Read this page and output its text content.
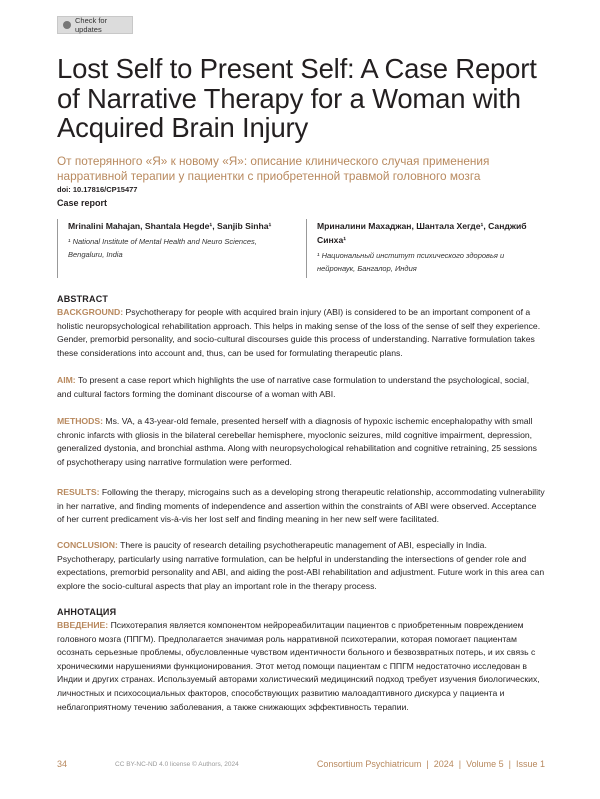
Check for updates
Lost Self to Present Self: A Case Report of Narrative Therapy for a Woman with Acquired Brain Injury
От потерянного «Я» к новому «Я»: описание клинического случая применения нарративной терапии у пациентки с приобретенной травмой головного мозга
doi: 10.17816/CP15477
Case report
Mrinalini Mahajan, Shantala Hegde¹, Sanjib Sinha¹
¹ National Institute of Mental Health and Neuro Sciences, Bengaluru, India
Мриналини Махаджан, Шантала Хегде¹, Санджиб Синха¹
¹ Национальный институт психического здоровья и нейронаук, Бангалор, Индия
ABSTRACT
BACKGROUND: Psychotherapy for people with acquired brain injury (ABI) is considered to be an important component of a holistic neuropsychological rehabilitation approach. This helps in making sense of the loss of the sense of self they experience. Gender, premorbid personality, and socio-cultural discourses guide this process of understanding. Narrative formulation takes these considerations into account and, thus, can be used for formulating therapeutic plans.
AIM: To present a case report which highlights the use of narrative case formulation to understand the psychological, social, and cultural factors forming the dominant discourse of a woman with ABI.
METHODS: Ms. VA, a 43-year-old female, presented herself with a diagnosis of hypoxic ischemic encephalopathy with small chronic infarcts with gliosis in the bilateral cerebellar hemisphere, myoclonic seizures, mild cognitive impairment, depression, generalized dystonia, and bronchial asthma. Along with neuropsychological rehabilitation and cognitive retraining, 25 sessions of psychotherapy using narrative formulation were performed.
RESULTS: Following the therapy, microgains such as a developing strong therapeutic relationship, accommodating vulnerability in her narrative, and finding moments of independence and assertion within the constraints of ABI were observed. Acceptance of her current predicament vis-à-vis her lost self and finding meaning in her new self were facilitated.
CONCLUSION: There is paucity of research detailing psychotherapeutic management of ABI, especially in India. Psychotherapy, particularly using narrative formulation, can be helpful in understanding the intersections of gender role and expectations, premorbid personality and ABI, and aiding the post-ABI rehabilitation and adjustment. Future work in this area can explore the socio-cultural aspects that play an important role in the therapy process.
АННОТАЦИЯ
ВВЕДЕНИЕ: Психотерапия является компонентом нейрореабилитации пациентов с приобретенным повреждением головного мозга (ППГМ). Предполагается значимая роль нарративной психотерапии, которая помогает пациентам осознать серьезные проблемы, обусловленные чувством идентичности больного и безвозвратных потерь, и их связь с хроническими нарушениями функционирования. Этот метод помощи пациентам с ППГМ недостаточно исследован в Индии и других странах. Используемый авторами холистический медицинский подход требует изучения биологических, личностных и психосоциальных факторов, способствующих развитию малоадаптивного дискурса у пациента и неблагоприятному течению заболевания, а также снижающих эффективность терапии.
34	CC BY-NC-ND 4.0 license © Authors, 2024	Consortium Psychiatricum  |  2024  |  Volume 5  |  Issue 1
